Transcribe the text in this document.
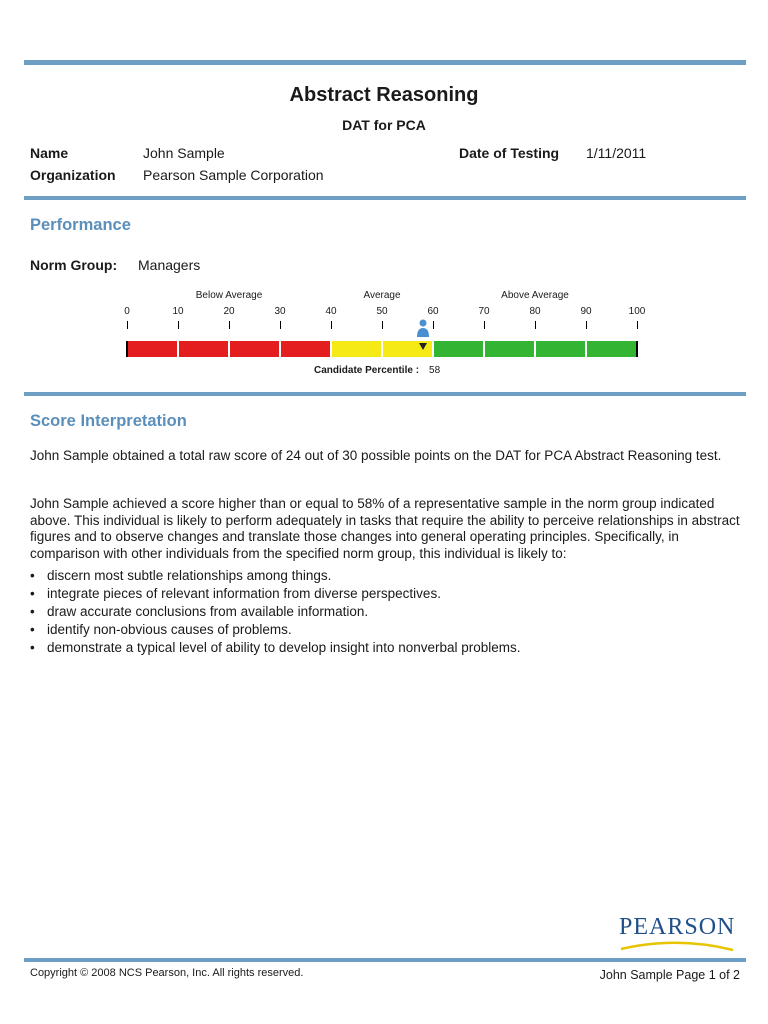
Abstract Reasoning
DAT for PCA
Name	John Sample	Date of Testing 1/11/2011
Organization Pearson Sample Corporation
Performance
Norm Group: Managers
Below Average	Average	Above Average
0	10	20	30	40	50	60	70	80	90	100
Candidate Percentile : 58
Score Interpretation
John Sample obtained a total raw score of 24 out of 30 possible points on the DAT for PCA Abstract Reasoning test.
John Sample achieved a score higher than or equal to 58% of a representative sample in the norm group indicated above. This individual is likely to perform adequately in tasks that require the ability to perceive relationships in abstract figures and to observe changes and translate those changes into general operating principles. Specifically, in comparison with other individuals from the specified norm group, this individual is likely to:
• discern most subtle relationships among things.
• integrate pieces of relevant information from diverse perspectives.
• draw accurate conclusions from available information.
• identify non-obvious causes of problems.
• demonstrate a typical level of ability to develop insight into nonverbal problems.
PEARSON
Copyright © 2008 NCS Pearson, Inc. All rights reserved.	John Sample Page 1 of 2
